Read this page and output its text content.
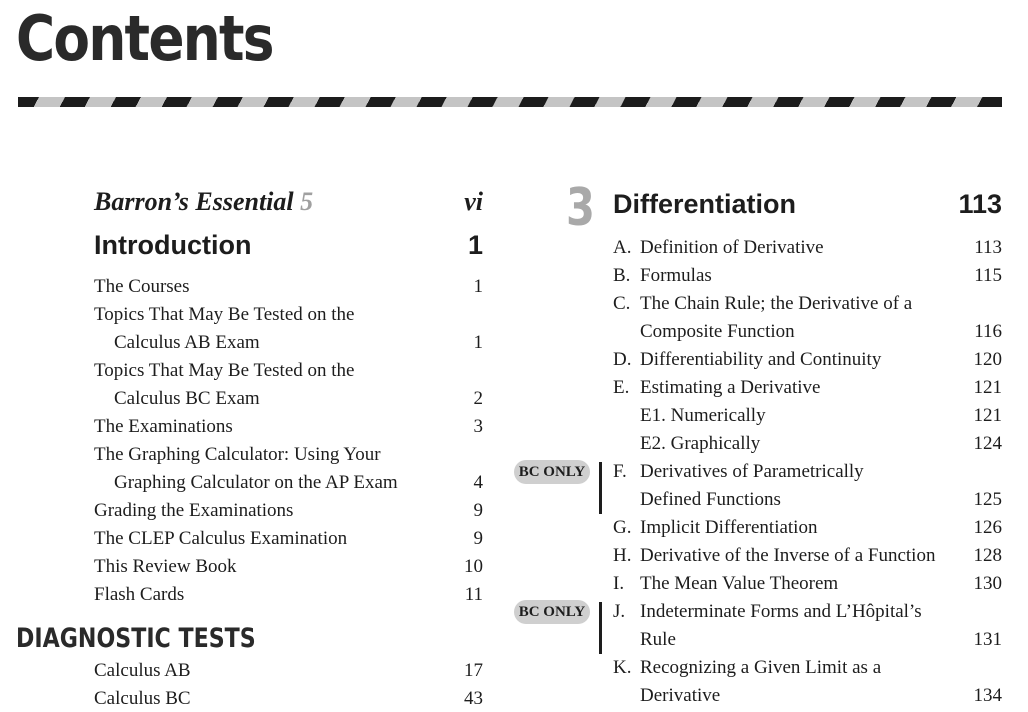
Contents
Barron’s Essential 5	vi
Introduction	1
The Courses	1
Topics That May Be Tested on the
Calculus AB Exam	1
Topics That May Be Tested on the
Calculus BC Exam	2
The Examinations	3
The Graphing Calculator: Using Your
Graphing Calculator on the AP Exam	4
Grading the Examinations	9
The CLEP Calculus Examination	9
This Review Book	10
Flash Cards	11
DIAGNOSTIC TESTS
Calculus AB	17
Calculus BC	43
3 Differentiation	113
A. Definition of Derivative	113
B. Formulas	115
C. The Chain Rule; the Derivative of a
Composite Function	116
D. Differentiability and Continuity	120
E. Estimating a Derivative	121
E1. Numerically	121
E2. Graphically	124
F. Derivatives of Parametrically
Defined Functions	125
BC ONLY
G. Implicit Differentiation	126
H. Derivative of the Inverse of a Function	128
I. The Mean Value Theorem	130
J. Indeterminate Forms and L’Hôpital’s
Rule	131
BC ONLY
K. Recognizing a Given Limit as a
Derivative	134
